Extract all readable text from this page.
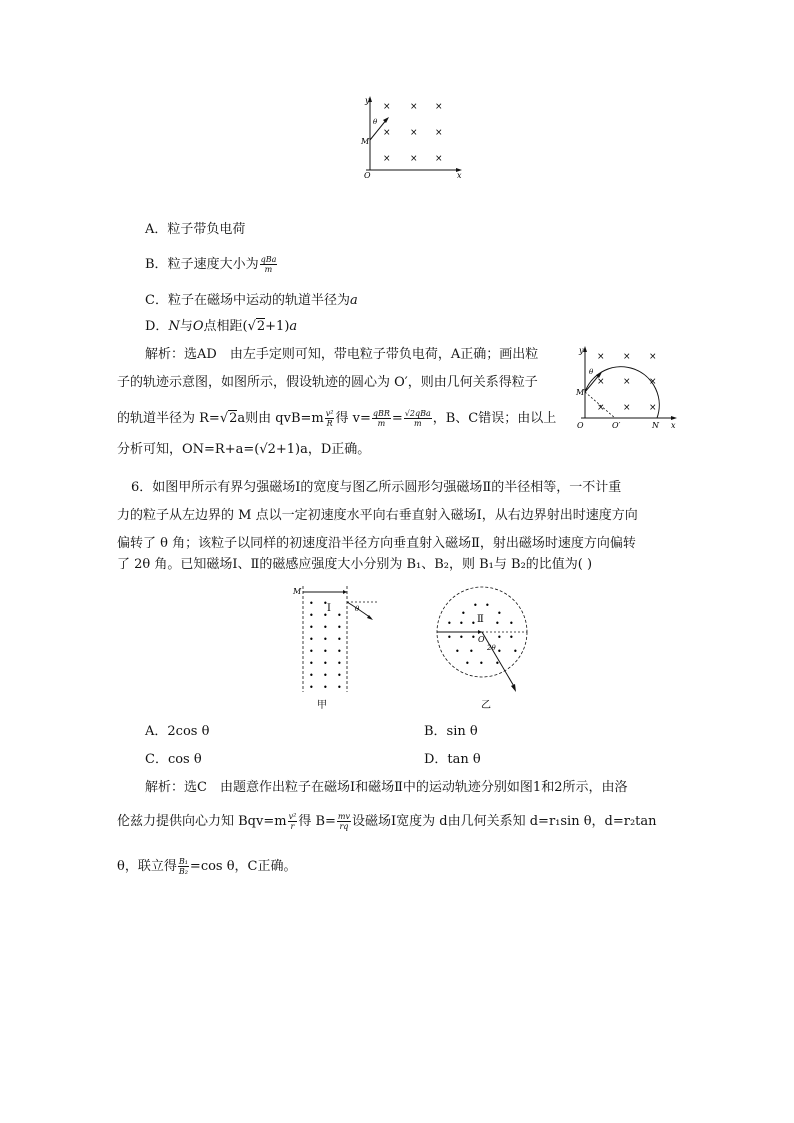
y
x
O
M
θ
× × ×
× × ×
× × ×
A．粒子带负电荷
B．粒子速度大小为 $\frac{\text{qBa}}{m}$
C．粒子在磁场中运动的轨道半径为a
D．N与O点相距(√2+1)a
解析：选AD　 由左手定则可知，带电粒子带负电荷，A正确；画出粒
子的轨迹示意图，如图所示，假设轨迹的圆心为 O′，则由几何关系得粒子
的轨道半径为 R=√2a则由 $qvB=m \frac{\text{v²}}{R}$ 得 $v= \frac{\text{qBR}}{m} = \frac{\text{√2qBa}}{m}$ ，B、C错误；由以上
分析可知，ON=R+a=(√2+1)a，D正确。
y
x
O	O′	N
M
θ
× × ×
× × ×
× × ×
6．如图甲所示有界匀强磁场Ⅰ的宽度与图乙所示圆形匀强磁场Ⅱ的半径相等，一不计重
力的粒子从左边界的 M 点以一定初速度水平向右垂直射入磁场Ⅰ，从右边界射出时速度方向
偏转了 θ 角；该粒子以同样的初速度沿半径方向垂直射入磁场Ⅱ，射出磁场时速度方向偏转
了 2θ 角。已知磁场Ⅰ、Ⅱ的磁感应强度大小分别为 B₁、B₂，则 B₁与 B₂的比值为( )
M
Ⅰ	θ
• •
• • •
• • •
• • •
• • •
• • •
• • •
• • •
甲
Ⅱ
O
2θ
• •
•	•
• • • • •
• • •	• •
• •	• •
• • •
乙
A．2cos θ	B．sin θ
C．cos θ	D．tan θ
解析：选C　由题意作出粒子在磁场Ⅰ和磁场Ⅱ中的运动轨迹分别如图1和2所示，由洛
伦兹力提供向心力知 $Bqv=m \frac{\text{v²}}{r}$ 得 $B= \frac{mv}{rq}$ 设磁场Ⅰ宽度为 d由几何关系知 d=r₁sin θ，d=r₂tan
θ，联立得 $\frac{\text{B₁}}{\text{B₂}} =\cos$ θ，C正确。
